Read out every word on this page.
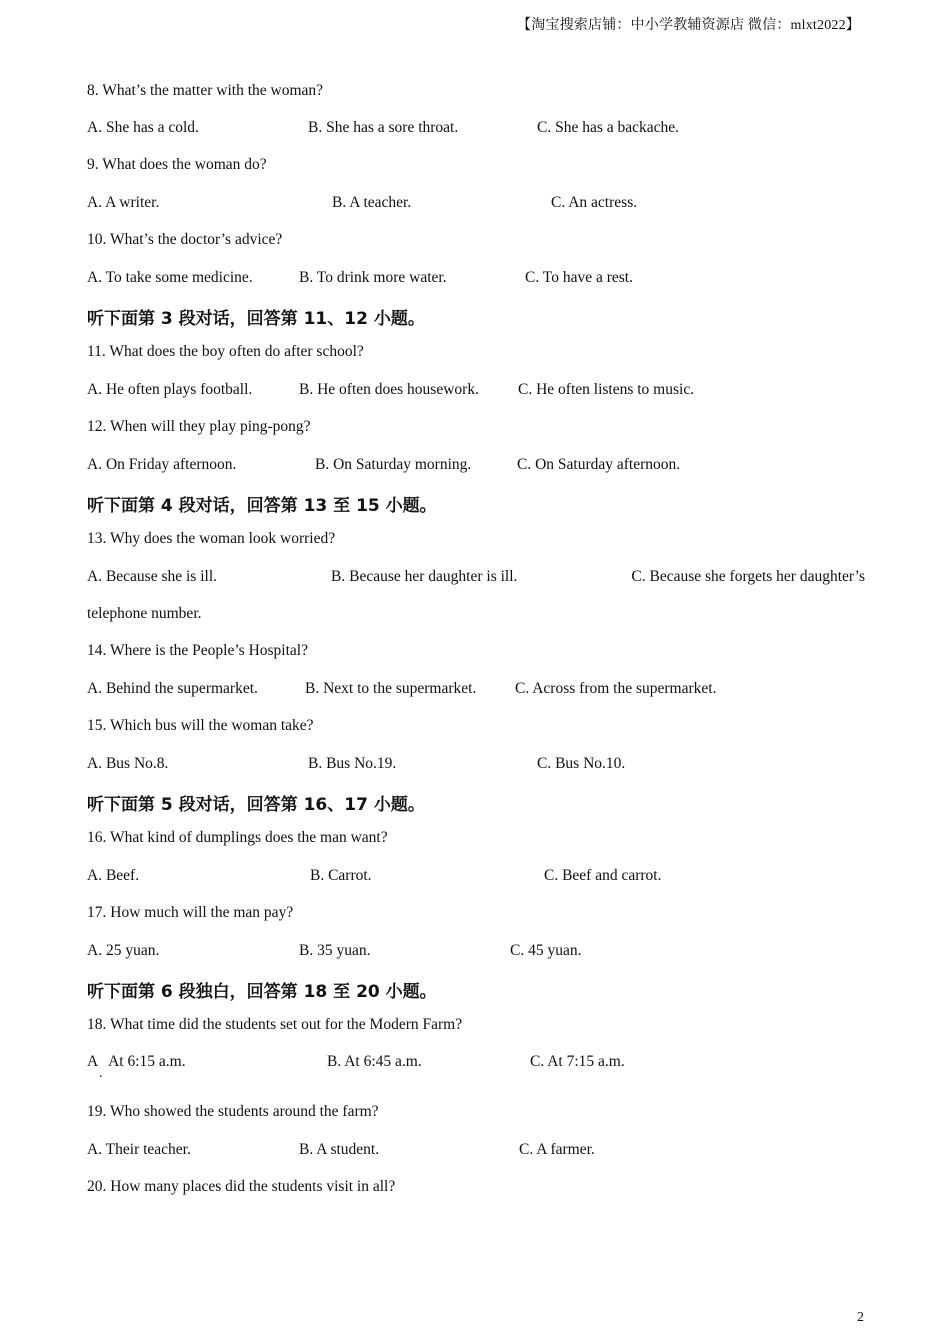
【淘宝搜索店铺：中小学教辅资源店 微信：mlxt2022】
8. What’s the matter with the woman?
A. She has a cold.	B. She has a sore throat.	C. She has a backache.
9. What does the woman do?
A. A writer.	B. A teacher.	C. An actress.
10. What’s the doctor’s advice?
A. To take some medicine.	B. To drink more water.	C. To have a rest.
听下面第 3 段对话，回答第 11、12 小题。
11. What does the boy often do after school?
A. He often plays football.	B. He often does housework.	C. He often listens to music.
12. When will they play ping-pong?
A. On Friday afternoon.	B. On Saturday morning.	C. On Saturday afternoon.
听下面第 4 段对话，回答第 13 至 15 小题。
13. Why does the woman look worried?
A. Because she is ill.	B. Because her daughter is ill.	C. Because she forgets her daughter’s
telephone number.
14. Where is the People’s Hospital?
A. Behind the supermarket.	B. Next to the supermarket. C. Across from the supermarket.
15. Which bus will the woman take?
A. Bus No.8.	B. Bus No.19.	C. Bus No.10.
听下面第 5 段对话，回答第 16、17 小题。
16. What kind of dumplings does the man want?
A. Beef.	B. Carrot.	C. Beef and carrot.
17. How much will the man pay?
A. 25 yuan.	B. 35 yuan.	C. 45 yuan.
听下面第 6 段独白，回答第 18 至 20 小题。
18. What time did the students set out for the Modern Farm?
A   At 6:15 a.m.	B. At 6:45 a.m.	C. At 7:15 a.m.
.
19. Who showed the students around the farm?
A. Their teacher.	B. A student.	C. A farmer.
20. How many places did the students visit in all?
2
